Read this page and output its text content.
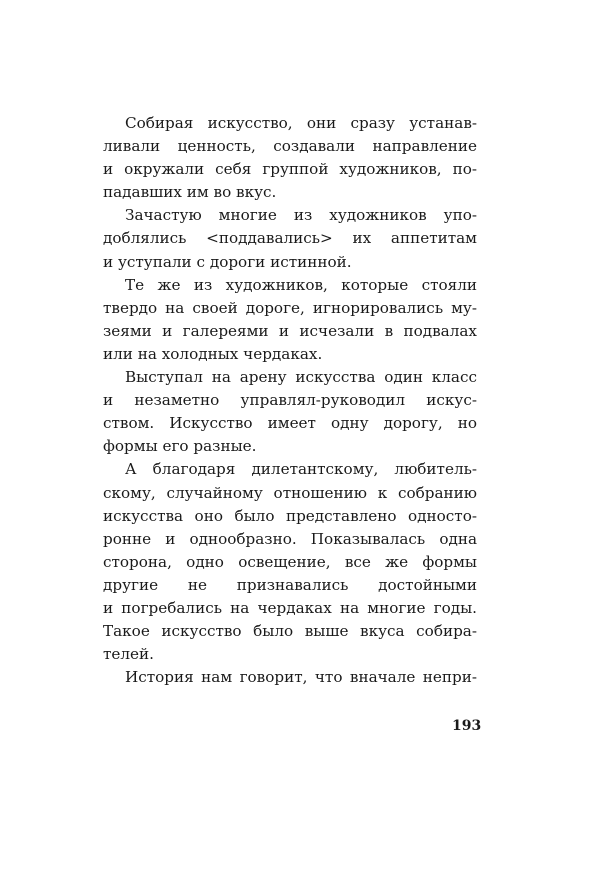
Собирая искусство, они сразу устанав-
ливали ценность, создавали направление
и окружали себя группой художников, по-
падавших им во вкус.
Зачастую многие из художников упо-
доблялись <поддавались> их аппетитам
и уступали с дороги истинной.
Те же из художников, которые стояли
твердо на своей дороге, игнорировались му-
зеями и галереями и исчезали в подвалах
или на холодных чердаках.
Выступал на арену искусства один класс
и незаметно управлял-руководил искус-
ством. Искусство имеет одну дорогу, но
формы его разные.
А благодаря дилетантскому, любитель-
скому, случайному отношению к собранию
искусства оно было представлено односто-
ронне и однообразно. Показывалась одна
сторона, одно освещение, все же формы
другие не признавались достойными
и погребались на чердаках на многие годы.
Такое искусство было выше вкуса собира-
телей.
История нам говорит, что вначале непри-
193
